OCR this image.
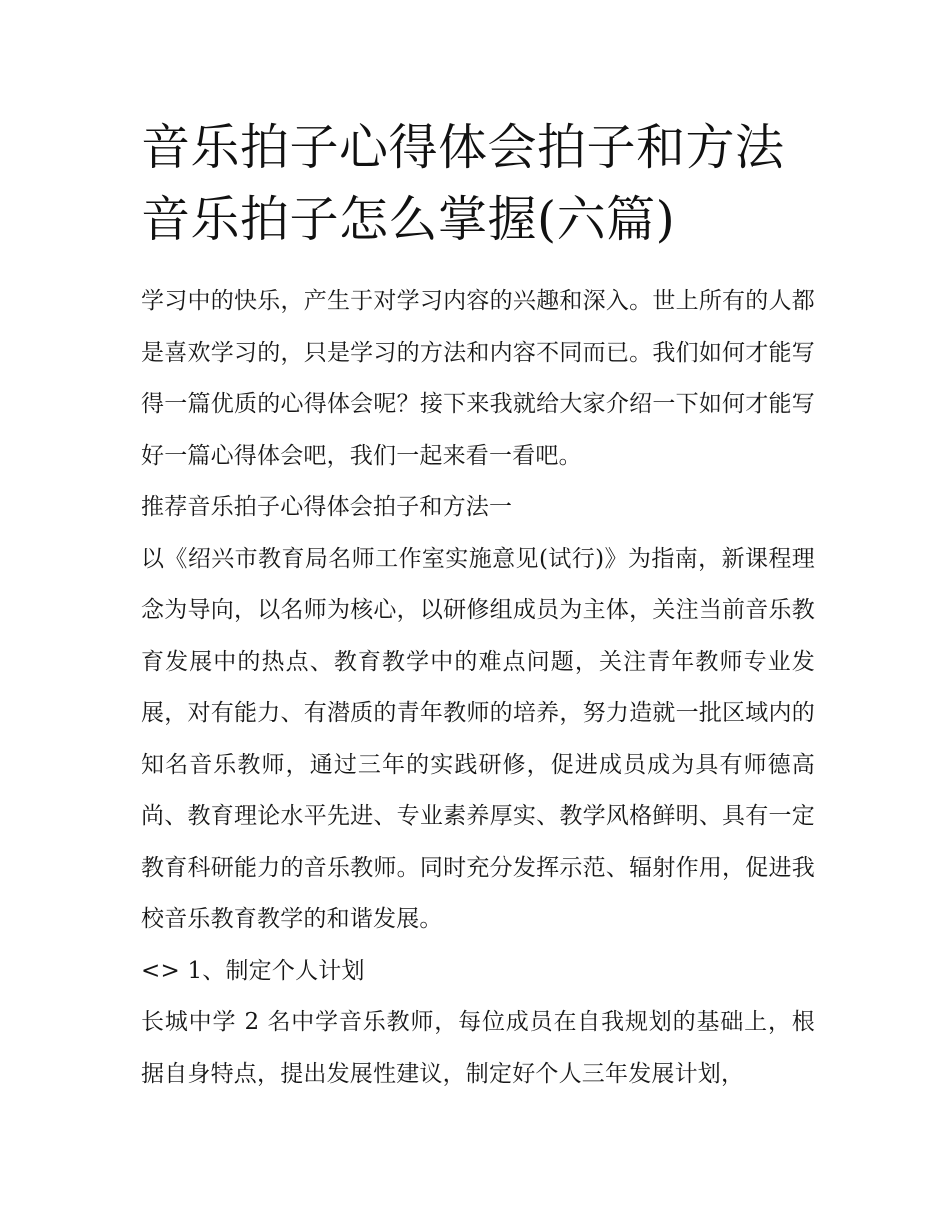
音乐拍子心得体会拍子和方法音乐拍子怎么掌握(六篇)

学习中的快乐，产生于对学习内容的兴趣和深入。世上所有的人都是喜欢学习的，只是学习的方法和内容不同而已。我们如何才能写得一篇优质的心得体会呢？接下来我就给大家介绍一下如何才能写好一篇心得体会吧，我们一起来看一看吧。

推荐音乐拍子心得体会拍子和方法一

以《绍兴市教育局名师工作室实施意见(试行)》为指南，新课程理念为导向，以名师为核心，以研修组成员为主体，关注当前音乐教育发展中的热点、教育教学中的难点问题，关注青年教师专业发展，对有能力、有潜质的青年教师的培养，努力造就一批区域内的知名音乐教师，通过三年的实践研修，促进成员成为具有师德高尚、教育理论水平先进、专业素养厚实、教学风格鲜明、具有一定教育科研能力的音乐教师。同时充分发挥示范、辐射作用，促进我校音乐教育教学的和谐发展。

<> 1、制定个人计划

长城中学 2 名中学音乐教师，每位成员在自我规划的基础上，根据自身特点，提出发展性建议，制定好个人三年发展计划，
